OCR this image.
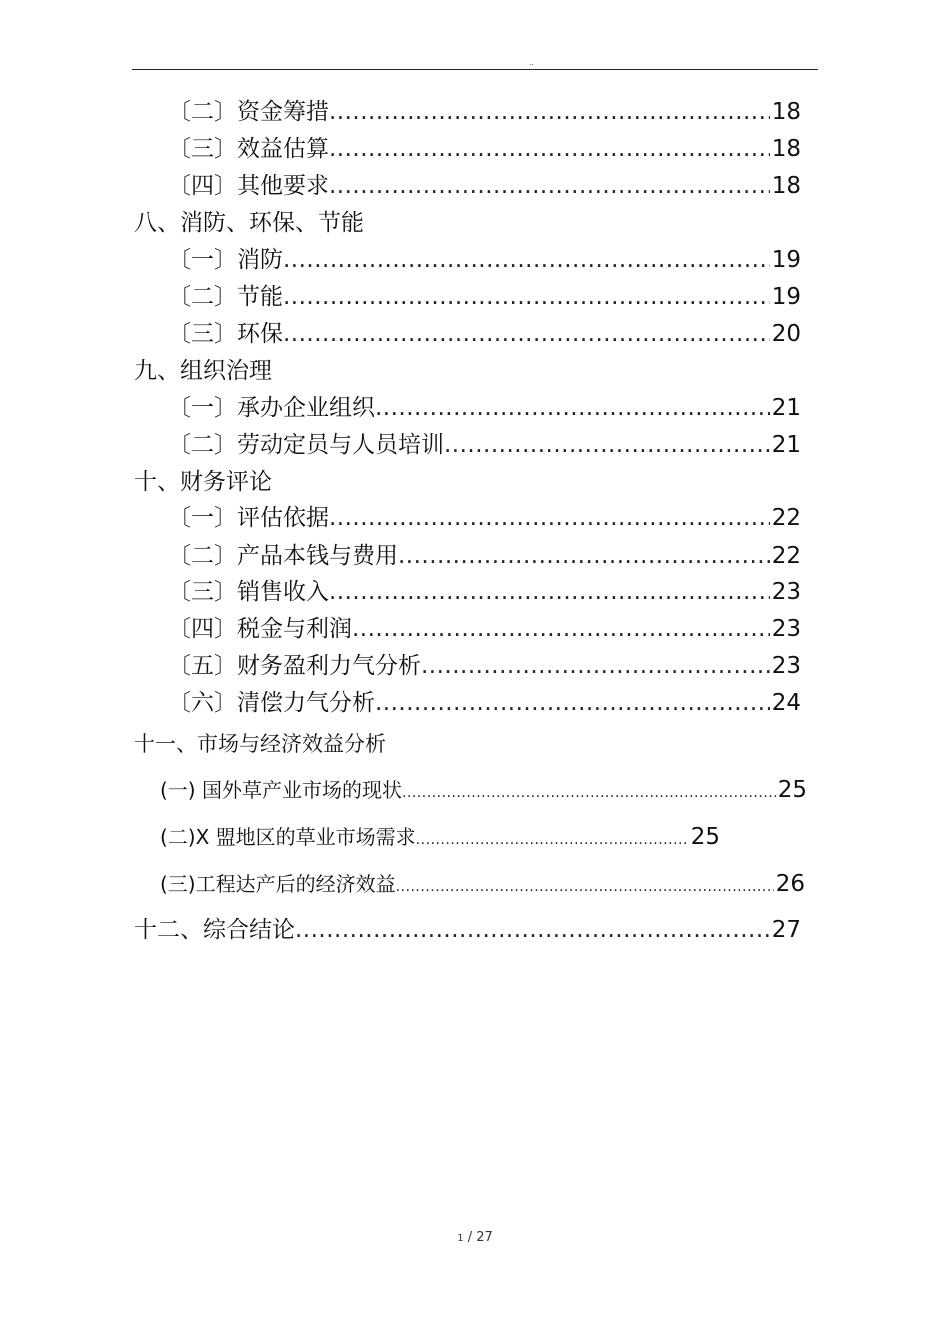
..
〔二〕资金筹措 .....	18
〔三〕效益估算 .....	18
〔四〕其他要求 .....	18
八、消防、环保、节能
〔一〕消防 .....	19
〔二〕节能 .....	19
〔三〕环保 .....	20
九、组织治理
〔一〕承办企业组织 .....	21
〔二〕劳动定员与人员培训 .....	21
十、财务评论
〔一〕评估依据 .....	22
〔二〕产品本钱与费用 .....	22
〔三〕销售收入 .....	23
〔四〕税金与利润 .....	23
〔五〕财务盈利力气分析 .....	23
〔六〕清偿力气分析 .....	24
十一、市场与经济效益分析
(一) 国外草产业市场的现状 .....	25
(二)X 盟地区的草业市场需求 .....	25
(三)工程达产后的经济效益 .....	26
十二、综合结论 .....	27
1 / 27
